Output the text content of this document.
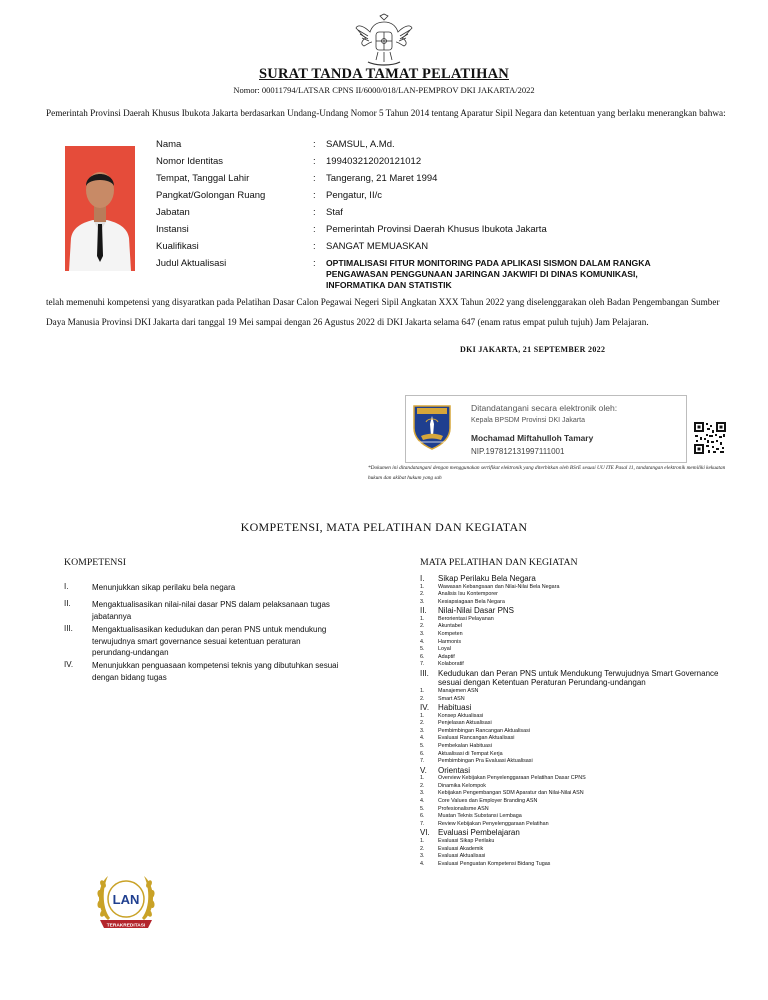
SURAT TANDA TAMAT PELATIHAN
Nomor: 00011794/LATSAR CPNS II/6000/018/LAN-PEMPROV DKI JAKARTA/2022
Pemerintah Provinsi Daerah Khusus Ibukota Jakarta berdasarkan Undang-Undang Nomor 5 Tahun 2014 tentang Aparatur Sipil Negara dan ketentuan yang berlaku menerangkan bahwa:
Nama	: SAMSUL, A.Md.
Nomor Identitas	: 199403212020121012
Tempat, Tanggal Lahir	: Tangerang, 21 Maret 1994
Pangkat/Golongan Ruang	: Pengatur, II/c
Jabatan	: Staf
Instansi	: Pemerintah Provinsi Daerah Khusus Ibukota Jakarta
Kualifikasi	: SANGAT MEMUASKAN
Judul Aktualisasi	: OPTIMALISASI FITUR MONITORING PADA APLIKASI SISMON DALAM RANGKA PENGAWASAN PENGGUNAAN JARINGAN JAKWIFI DI DINAS KOMUNIKASI, INFORMATIKA DAN STATISTIK
telah memenuhi kompetensi yang disyaratkan pada Pelatihan Dasar Calon Pegawai Negeri Sipil Angkatan XXX Tahun 2022 yang diselenggarakan oleh Badan Pengembangan Sumber Daya Manusia Provinsi DKI Jakarta dari tanggal 19 Mei sampai dengan 26 Agustus 2022 di DKI Jakarta selama 647 (enam ratus empat puluh tujuh) Jam Pelajaran.
DKI JAKARTA, 21 SEPTEMBER 2022
Ditandatangani secara elektronik oleh:
Kepala BPSDM Provinsi DKI Jakarta
Mochamad Miftahulloh Tamary
NIP.197812131997111001
*Dokumen ini ditandatangani dengan menggunakan sertifikat elektronik yang diterbitkan oleh BSrE sesuai UU ITE Pasal 11, tandatangan elektronik memiliki kekuatan hukum dan akibat hukum yang sah
KOMPETENSI, MATA PELATIHAN DAN KEGIATAN
KOMPETENSI	MATA PELATIHAN DAN KEGIATAN
I.	Menunjukkan sikap perilaku bela negara
II.	Mengaktualisasikan nilai-nilai dasar PNS dalam pelaksanaan tugas jabatannya
III. Mengaktualisasikan kedudukan dan peran PNS untuk mendukung terwujudnya smart governance sesuai ketentuan peraturan perundang-undangan
IV. Menunjukkan penguasaan kompetensi teknis yang dibutuhkan sesuai dengan bidang tugas
I. Sikap Perilaku Bela Negara
1.	Wawasan Kebangsaan dan Nilai-Nilai Bela Negara
2.	Analisis Isu Kontemporer
3.	Kesiapsiagaan Bela Negara
II. Nilai-Nilai Dasar PNS
1.	Berorientasi Pelayanan
2.	Akuntabel
3.	Kompeten
4.	Harmonis
5.	Loyal
6.	Adaptif
7.	Kolaboratif
III. Kedudukan dan Peran PNS untuk Mendukung Terwujudnya Smart Governance sesuai dengan Ketentuan Peraturan Perundang-undangan
1.	Manajemen ASN
2.	Smart ASN
IV. Habituasi
1.	Konsep Aktualisasi
2.	Penjelasan Aktualisasi
3.	Pembimbingan Rancangan Aktualisasi
4.	Evaluasi Rancangan Aktualisasi
5.	Pembekalan Habituasi
6.	Aktualisasi di Tempat Kerja
7.	Pembimbingan Pra Evaluasi Aktualisasi
V. Orientasi
1.	Overview Kebijakan Penyelenggaraan Pelatihan Dasar CPNS
2.	Dinamika Kelompok
3.	Kebijakan Pengembangan SDM Aparatur dan Nilai-Nilai ASN
4.	Core Values dan Employer Branding ASN
5.	Profesionalisme ASN
6.	Muatan Teknis Substansi Lembaga
7.	Review Kebijakan Penyelenggaraan Pelatihan
VI. Evaluasi Pembelajaran
1.	Evaluasi Sikap Perilaku
2.	Evaluasi Akademik
3.	Evaluasi Aktualisasi
4.	Evaluasi Penguatan Kompetensi Bidang Tugas
LAN
TERAKREDITASI
